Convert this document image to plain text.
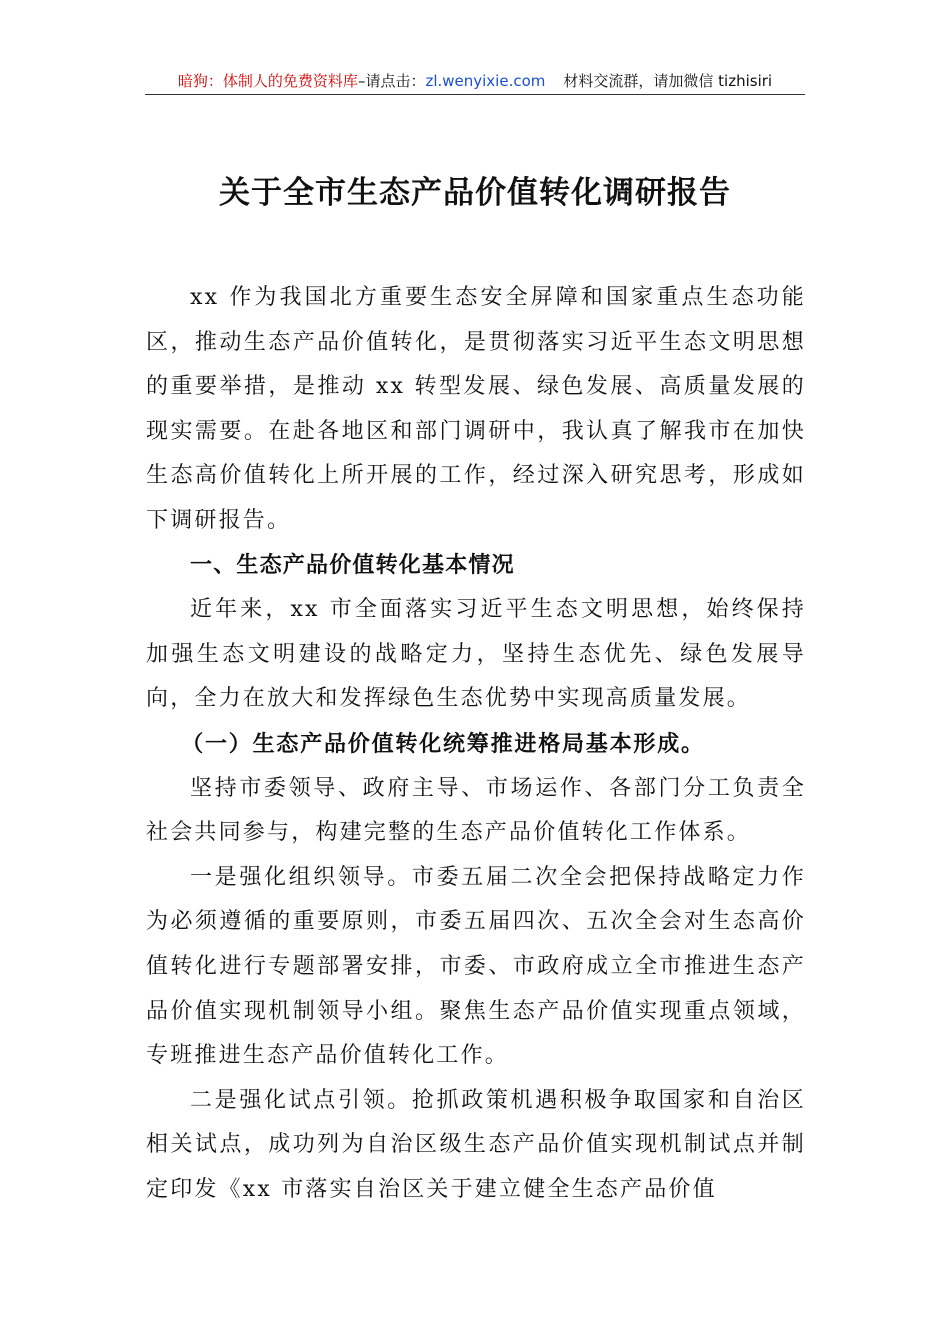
暗狗：体制人的免费资料库–请点击：zl.wenyixie.com 材料交流群，请加微信 tizhisiri
关于全市生态产品价值转化调研报告

xx 作为我国北方重要生态安全屏障和国家重点生态功能区，推动生态产品价值转化，是贯彻落实习近平生态文明思想的重要举措，是推动 xx 转型发展、绿色发展、高质量发展的现实需要。在赴各地区和部门调研中，我认真了解我市在加快生态高价值转化上所开展的工作，经过深入研究思考，形成如下调研报告。

一、生态产品价值转化基本情况

近年来，xx 市全面落实习近平生态文明思想，始终保持加强生态文明建设的战略定力，坚持生态优先、绿色发展导向，全力在放大和发挥绿色生态优势中实现高质量发展。

（一）生态产品价值转化统筹推进格局基本形成。

坚持市委领导、政府主导、市场运作、各部门分工负责全社会共同参与，构建完整的生态产品价值转化工作体系。

一是强化组织领导。市委五届二次全会把保持战略定力作为必须遵循的重要原则，市委五届四次、五次全会对生态高价值转化进行专题部署安排，市委、市政府成立全市推进生态产品价值实现机制领导小组。聚焦生态产品价值实现重点领域，专班推进生态产品价值转化工作。

二是强化试点引领。抢抓政策机遇积极争取国家和自治区相关试点，成功列为自治区级生态产品价值实现机制试点并制定印发《xx 市落实自治区关于建立健全生态产品价值
